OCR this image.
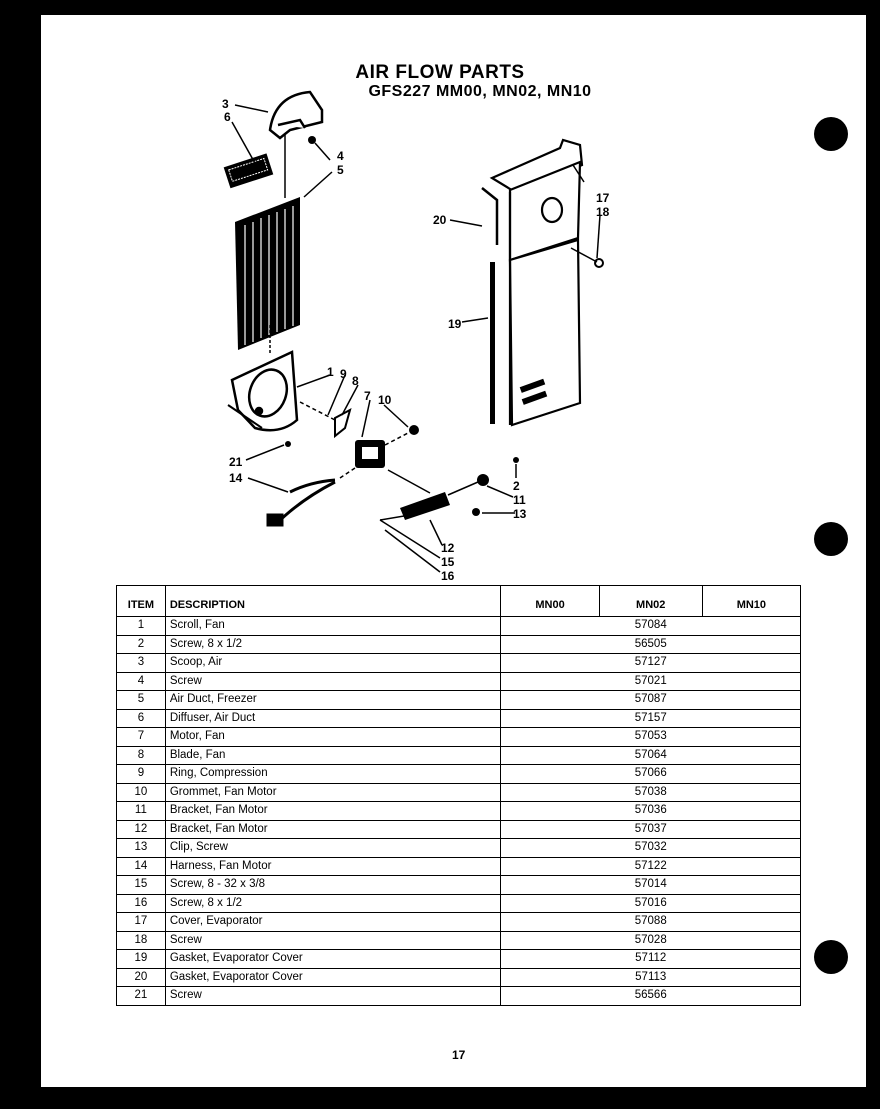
AIR FLOW PARTS
GFS227 MM00, MN02, MN10
3
6
4
5
20
17
18
19
1 9 8
7 10
21
14
2
11
13
12
15
16
ITEM	DESCRIPTION	MN00	MN02	MN10
1	Scroll, Fan	57084		
2	Screw, 8 x 1/2	56505		
3	Scoop, Air	57127		
4	Screw	57021		
5	Air Duct, Freezer	57087		
6	Diffuser, Air Duct	57157		
7	Motor, Fan	57053		
8	Blade, Fan	57064		
9	Ring, Compression	57066		
10	Grommet, Fan Motor	57038		
11	Bracket, Fan Motor	57036		
12	Bracket, Fan Motor	57037		
13	Clip, Screw	57032		
14	Harness, Fan Motor	57122		
15	Screw, 8 - 32 x 3/8	57014		
16	Screw, 8 x 1/2	57016		
17	Cover, Evaporator	57088		
18	Screw	57028		
19	Gasket, Evaporator Cover	57112		
20	Gasket, Evaporator Cover	57113		
21	Screw	56566		
17
